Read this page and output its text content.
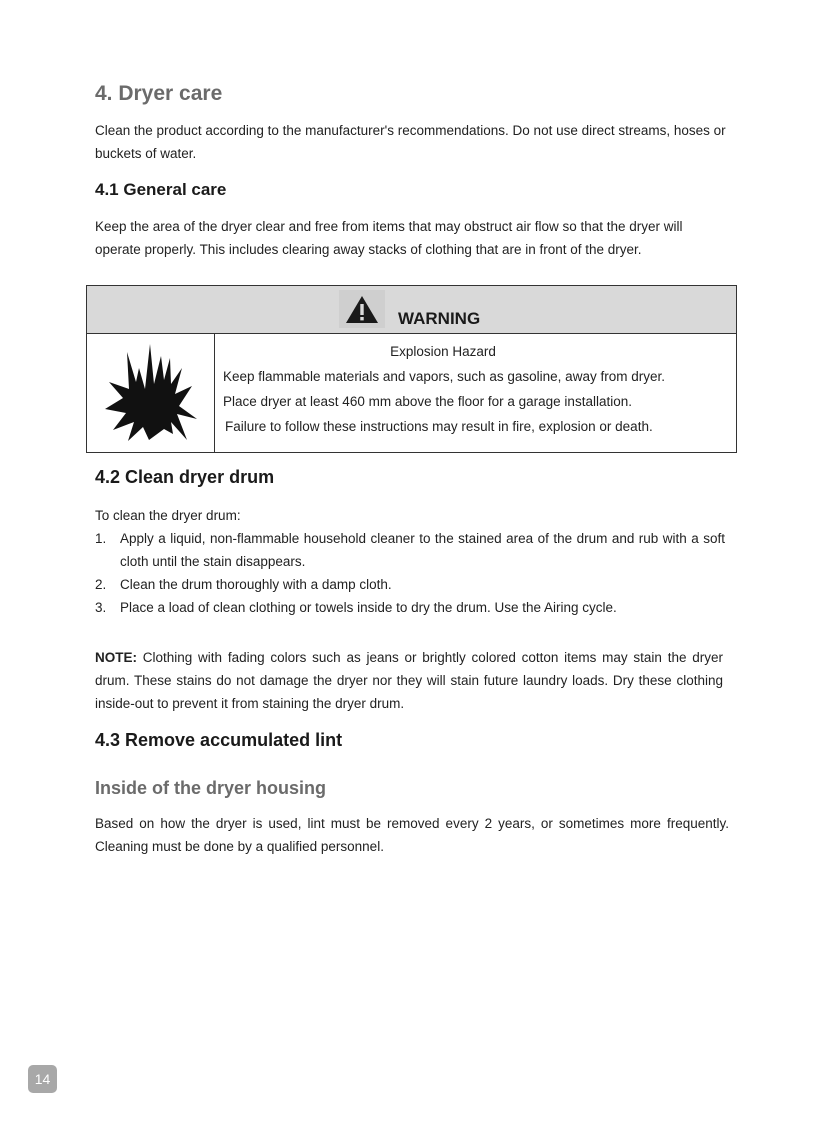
4. Dryer care

Clean the product according to the manufacturer's recommendations. Do not use direct streams, hoses or buckets of water.

4.1 General care

Keep the area of the dryer clear and free from items that may obstruct air flow so that the dryer will operate properly. This includes clearing away stacks of clothing that are in front of the dryer.

WARNING
Explosion Hazard
Keep flammable materials and vapors, such as gasoline, away from dryer.
Place dryer at least 460 mm above the floor for a garage installation.
Failure to follow these instructions may result in fire, explosion or death.
4.2 Clean dryer drum

To clean the dryer drum:

1. Apply a liquid, non-flammable household cleaner to the stained area of the drum and rub with a soft cloth until the stain disappears.
2. Clean the drum thoroughly with a damp cloth.
3. Place a load of clean clothing or towels inside to dry the drum. Use the Airing cycle.

NOTE: Clothing with fading colors such as jeans or brightly colored cotton items may stain the dryer drum. These stains do not damage the dryer nor they will stain future laundry loads. Dry these clothing inside-out to prevent it from staining the dryer drum.

4.3 Remove accumulated lint
Inside of the dryer housing

Based on how the dryer is used, lint must be removed every 2 years, or sometimes more frequently. Cleaning must be done by a qualified personnel.

14
